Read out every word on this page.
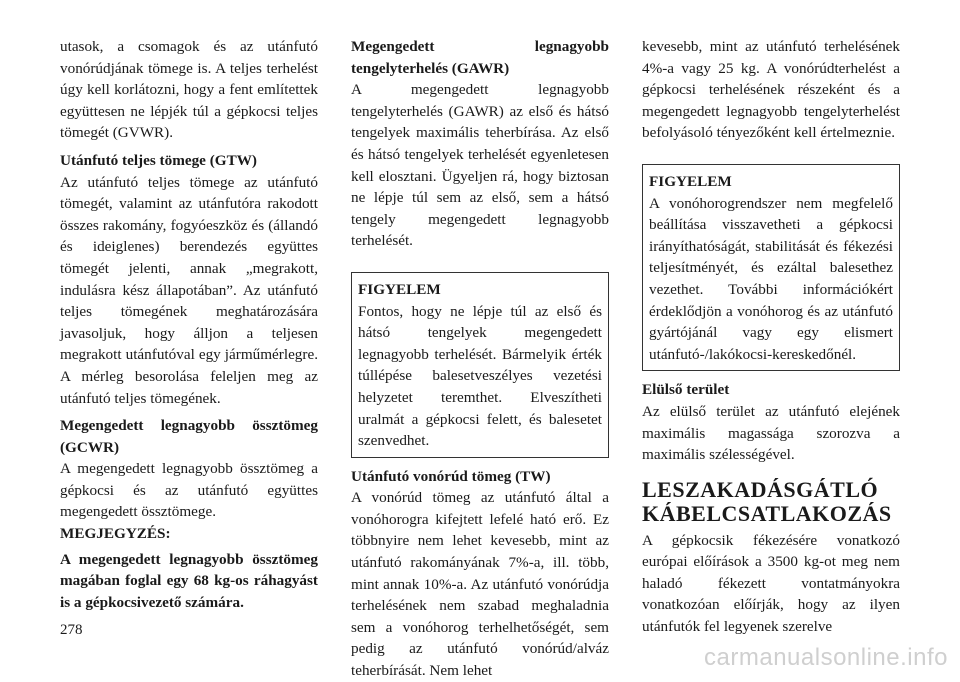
utasok, a csomagok és az utánfutó vonórúdjának tömege is. A teljes terhelést úgy kell korlátozni, hogy a fent említettek együttesen ne lépjék túl a gépkocsi teljes tömegét (GVWR).

Utánfutó teljes tömege (GTW)

Az utánfutó teljes tömege az utánfutó tömegét, valamint az utánfutóra rakodott összes rakomány, fogyóeszköz és (állandó és ideiglenes) berendezés együttes tömegét jelenti, annak „megrakott, indulásra kész állapotában”. Az utánfutó teljes tömegének meghatározására javasoljuk, hogy álljon a teljesen megrakott utánfutóval egy járműmérlegre. A mérleg besorolása feleljen meg az utánfutó teljes tömegének.

Megengedett legnagyobb össztömeg (GCWR)

A megengedett legnagyobb össztömeg a gépkocsi és az utánfutó együttes megengedett össztömege.

MEGJEGYZÉS:

A megengedett legnagyobb össztömeg magában foglal egy 68 kg-os ráhagyást is a gépkocsivezető számára.

Megengedett legnagyobb tengelyterhelés (GAWR)

A megengedett legnagyobb tengelyterhelés (GAWR) az első és hátsó tengelyek maximális teherbírása. Az első és hátsó tengelyek terhelését egyenletesen kell elosztani. Ügyeljen rá, hogy biztosan ne lépje túl sem az első, sem a hátsó tengely megengedett legnagyobb terhelését.

FIGYELEM

Fontos, hogy ne lépje túl az első és hátsó tengelyek megengedett legnagyobb terhelését. Bármelyik érték túllépése balesetveszélyes vezetési helyzetet teremthet. Elveszítheti uralmát a gépkocsi felett, és balesetet szenvedhet.

Utánfutó vonórúd tömeg (TW)

A vonórúd tömeg az utánfutó által a vonóhorogra kifejtett lefelé ható erő. Ez többnyire nem lehet kevesebb, mint az utánfutó rakományának 7%-a, ill. több, mint annak 10%-a. Az utánfutó vonórúdja terhelésének nem szabad meghaladnia sem a vonóhorog terhelhetőségét, sem pedig az utánfutó vonórúd/alváz teherbírását. Nem lehet

kevesebb, mint az utánfutó terhelésének 4%-a vagy 25 kg. A vonórúdterhelést a gépkocsi terhelésének részeként és a megengedett legnagyobb tengelyterhelést befolyásoló tényezőként kell értelmeznie.

FIGYELEM

A vonóhorogrendszer nem megfelelő beállítása visszavetheti a gépkocsi irányíthatóságát, stabilitását és fékezési teljesítményét, és ezáltal balesethez vezethet. További információkért érdeklődjön a vonóhorog és az utánfutó gyártójánál vagy egy elismert utánfutó-/lakókocsi-kereskedőnél.

Elülső terület

Az elülső terület az utánfutó elejének maximális magassága szorozva a maximális szélességével.

LESZAKADÁSGÁTLÓ KÁBELCSATLAKOZÁS

A gépkocsik fékezésére vonatkozó európai előírások a 3500 kg-ot meg nem haladó fékezett vontatmányokra vonatkozóan előírják, hogy az ilyen utánfutók fel legyenek szerelve

278
carmanualsonline.info
